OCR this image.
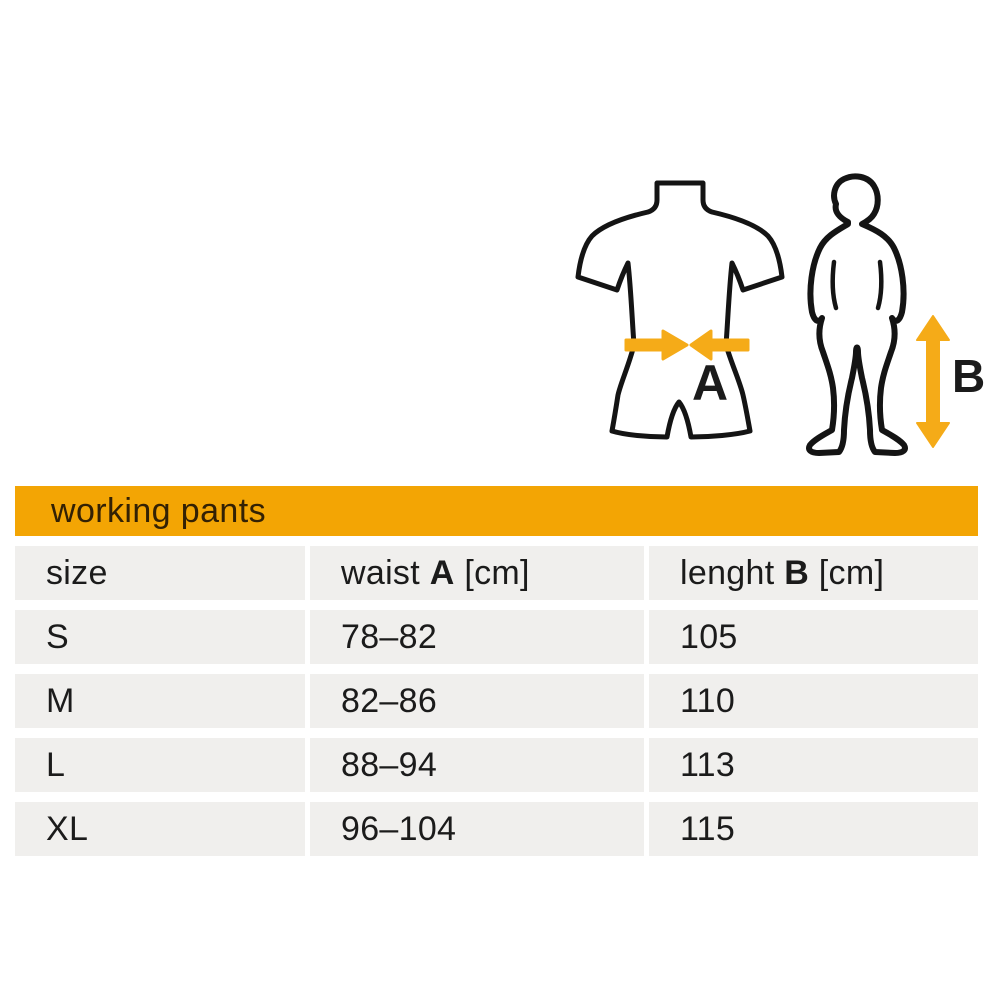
A	B
working pants
size	waist A [cm]	lenght B [cm]
S	78–82	105
M	82–86	110
L	88–94	113
XL	96–104	115
